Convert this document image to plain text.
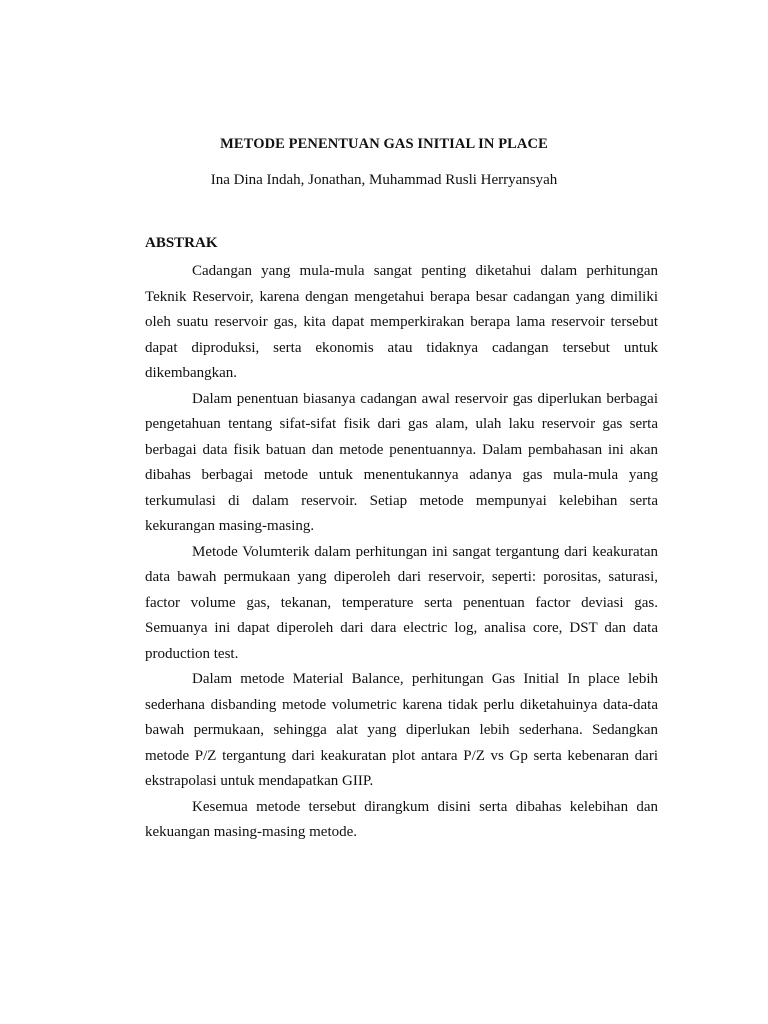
METODE PENENTUAN GAS INITIAL IN PLACE
Ina Dina Indah, Jonathan, Muhammad Rusli Herryansyah
ABSTRAK

Cadangan yang mula-mula sangat penting diketahui dalam perhitungan Teknik Reservoir, karena dengan mengetahui berapa besar cadangan yang dimiliki oleh suatu reservoir gas, kita dapat memperkirakan berapa lama reservoir tersebut dapat diproduksi, serta ekonomis atau tidaknya cadangan tersebut untuk dikembangkan.

Dalam penentuan biasanya cadangan awal reservoir gas diperlukan berbagai pengetahuan tentang sifat-sifat fisik dari gas alam, ulah laku reservoir gas serta berbagai data fisik batuan dan metode penentuannya. Dalam pembahasan ini akan dibahas berbagai metode untuk menentukannya adanya gas mula-mula yang terkumulasi di dalam reservoir. Setiap metode mempunyai kelebihan serta kekurangan masing-masing.

Metode Volumterik dalam perhitungan ini sangat tergantung dari keakuratan data bawah permukaan yang diperoleh dari reservoir, seperti: porositas, saturasi, factor volume gas, tekanan, temperature serta penentuan factor deviasi gas. Semuanya ini dapat diperoleh dari dara electric log, analisa core, DST dan data production test.

Dalam metode Material Balance, perhitungan Gas Initial In place lebih sederhana disbanding metode volumetric karena tidak perlu diketahuinya data-data bawah permukaan, sehingga alat yang diperlukan lebih sederhana. Sedangkan metode P/Z tergantung dari keakuratan plot antara P/Z vs Gp serta kebenaran dari ekstrapolasi untuk mendapatkan GIIP.

Kesemua metode tersebut dirangkum disini serta dibahas kelebihan dan kekuangan masing-masing metode.
